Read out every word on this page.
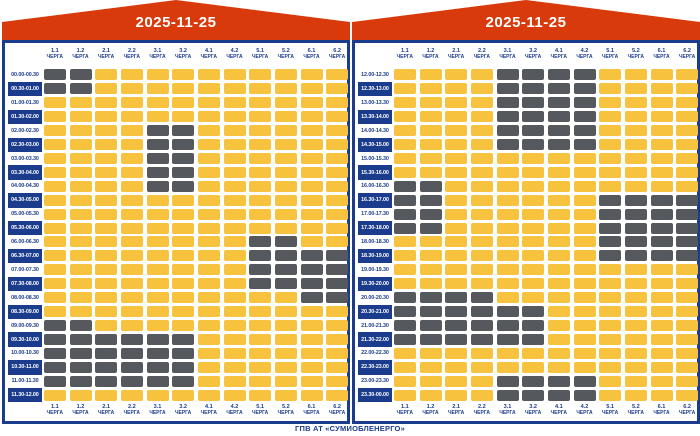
2025-11-25
1.1
ЧЕРГА
1.2
ЧЕРГА
2.1
ЧЕРГА
2.2
ЧЕРГА
3.1
ЧЕРГА
3.2
ЧЕРГА
4.1
ЧЕРГА
4.2
ЧЕРГА
5.1
ЧЕРГА
5.2
ЧЕРГА
6.1
ЧЕРГА
6.2
ЧЕРГА
00.00-00.30
00.30-01.00
01.00-01.30
01.30-02.00
02.00-02.30
02.30-03.00
03.00-03.30
03.30-04.00
04.00-04.30
04.30-05.00
05.00-05.30
05.30-06.00
06.00-06.30
06.30-07.00
07.00-07.30
07.30-08.00
08.00-08.30
08.30-09.00
09.00-09.30
09.30-10.00
10.00-10.30
10.30-11.00
11.00-11.30
11.30-12.00
1.1
ЧЕРГА
1.2
ЧЕРГА
2.1
ЧЕРГА
2.2
ЧЕРГА
3.1
ЧЕРГА
3.2
ЧЕРГА
4.1
ЧЕРГА
4.2
ЧЕРГА
5.1
ЧЕРГА
5.2
ЧЕРГА
6.1
ЧЕРГА
6.2
ЧЕРГА
2025-11-25
1.1
ЧЕРГА
1.2
ЧЕРГА
2.1
ЧЕРГА
2.2
ЧЕРГА
3.1
ЧЕРГА
3.2
ЧЕРГА
4.1
ЧЕРГА
4.2
ЧЕРГА
5.1
ЧЕРГА
5.2
ЧЕРГА
6.1
ЧЕРГА
6.2
ЧЕРГА
12.00-12.30
12.30-13.00
13.00-13.30
13.30-14.00
14.00-14.30
14.30-15.00
15.00-15.30
15.30-16.00
16.00-16.30
16.30-17.00
17.00-17.30
17.30-18.00
18.00-18.30
18.30-19.00
19.00-19.30
19.30-20.00
20.00-20.30
20.30-21.00
21.00-21.30
21.30-22.00
22.00-22.30
22.30-23.00
23.00-23.30
23.30-00.00
1.1
ЧЕРГА
1.2
ЧЕРГА
2.1
ЧЕРГА
2.2
ЧЕРГА
3.1
ЧЕРГА
3.2
ЧЕРГА
4.1
ЧЕРГА
4.2
ЧЕРГА
5.1
ЧЕРГА
5.2
ЧЕРГА
6.1
ЧЕРГА
6.2
ЧЕРГА
ГПВ АТ «СУМИОБЛЕНЕРГО»
